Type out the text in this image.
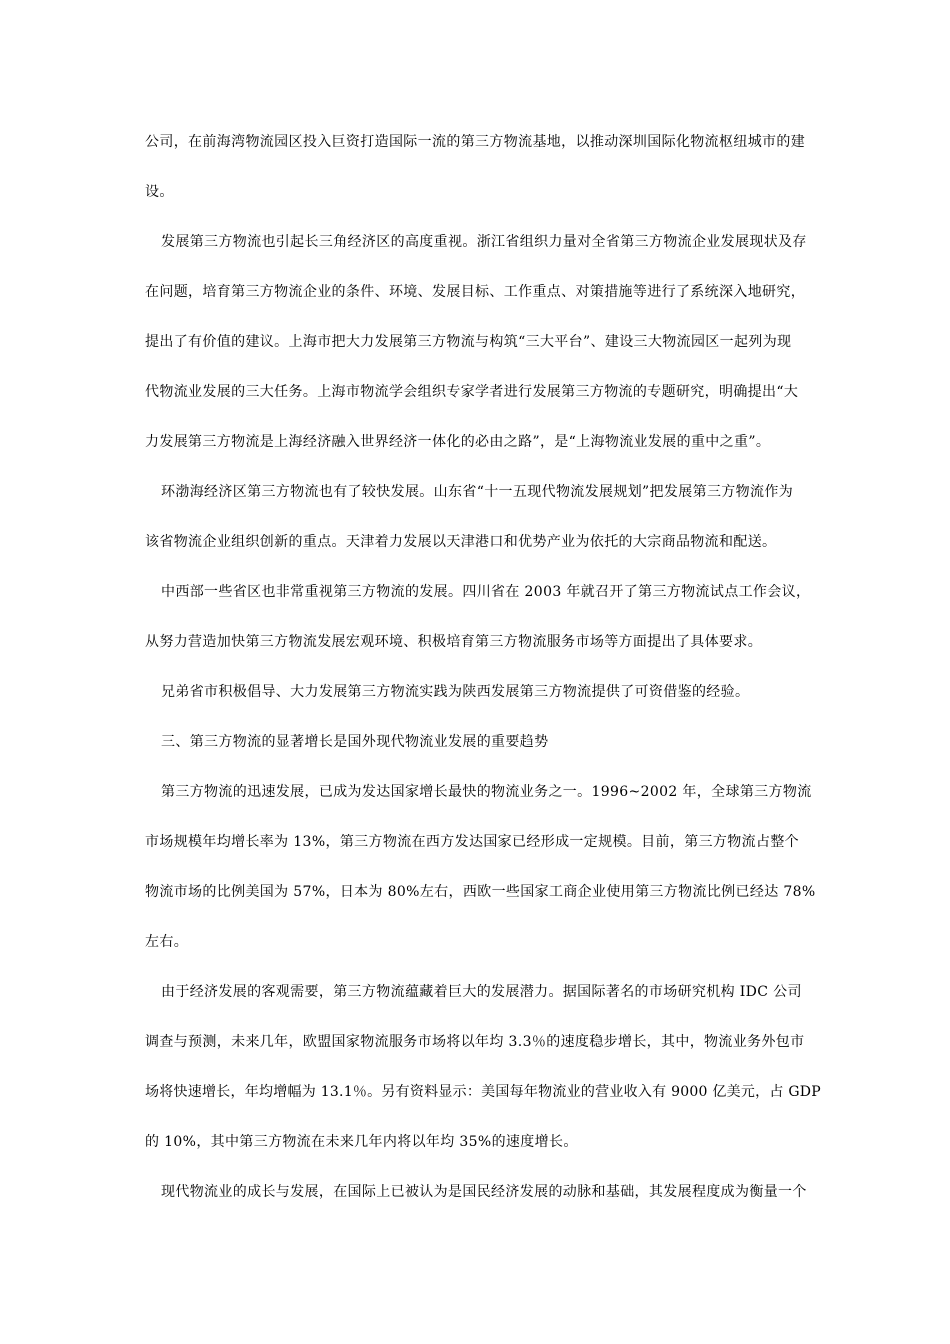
公司，在前海湾物流园区投入巨资打造国际一流的第三方物流基地，以推动深圳国际化物流枢纽城市的建

设。

发展第三方物流也引起长三角经济区的高度重视。浙江省组织力量对全省第三方物流企业发展现状及存

在问题，培育第三方物流企业的条件、环境、发展目标、工作重点、对策措施等进行了系统深入地研究，

提出了有价值的建议。上海市把大力发展第三方物流与构筑“三大平台”、建设三大物流园区一起列为现

代物流业发展的三大任务。上海市物流学会组织专家学者进行发展第三方物流的专题研究，明确提出“大

力发展第三方物流是上海经济融入世界经济一体化的必由之路”，是“上海物流业发展的重中之重”。

环渤海经济区第三方物流也有了较快发展。山东省“十一五现代物流发展规划”把发展第三方物流作为

该省物流企业组织创新的重点。天津着力发展以天津港口和优势产业为依托的大宗商品物流和配送。

中西部一些省区也非常重视第三方物流的发展。四川省在 2003 年就召开了第三方物流试点工作会议，

从努力营造加快第三方物流发展宏观环境、积极培育第三方物流服务市场等方面提出了具体要求。

兄弟省市积极倡导、大力发展第三方物流实践为陕西发展第三方物流提供了可资借鉴的经验。

三、第三方物流的显著增长是国外现代物流业发展的重要趋势

第三方物流的迅速发展，已成为发达国家增长最快的物流业务之一。1996~2002 年，全球第三方物流

市场规模年均增长率为 13%，第三方物流在西方发达国家已经形成一定规模。目前，第三方物流占整个

物流市场的比例美国为 57%，日本为 80%左右，西欧一些国家工商企业使用第三方物流比例已经达 78%

左右。

由于经济发展的客观需要，第三方物流蕴藏着巨大的发展潜力。据国际著名的市场研究机构 IDC 公司

调查与预测，未来几年，欧盟国家物流服务市场将以年均 3.3％的速度稳步增长，其中，物流业务外包市

场将快速增长，年均增幅为 13.1％。另有资料显示：美国每年物流业的营业收入有 9000 亿美元，占 GDP

的 10%，其中第三方物流在未来几年内将以年均 35%的速度增长。

现代物流业的成长与发展，在国际上已被认为是国民经济发展的动脉和基础，其发展程度成为衡量一个
